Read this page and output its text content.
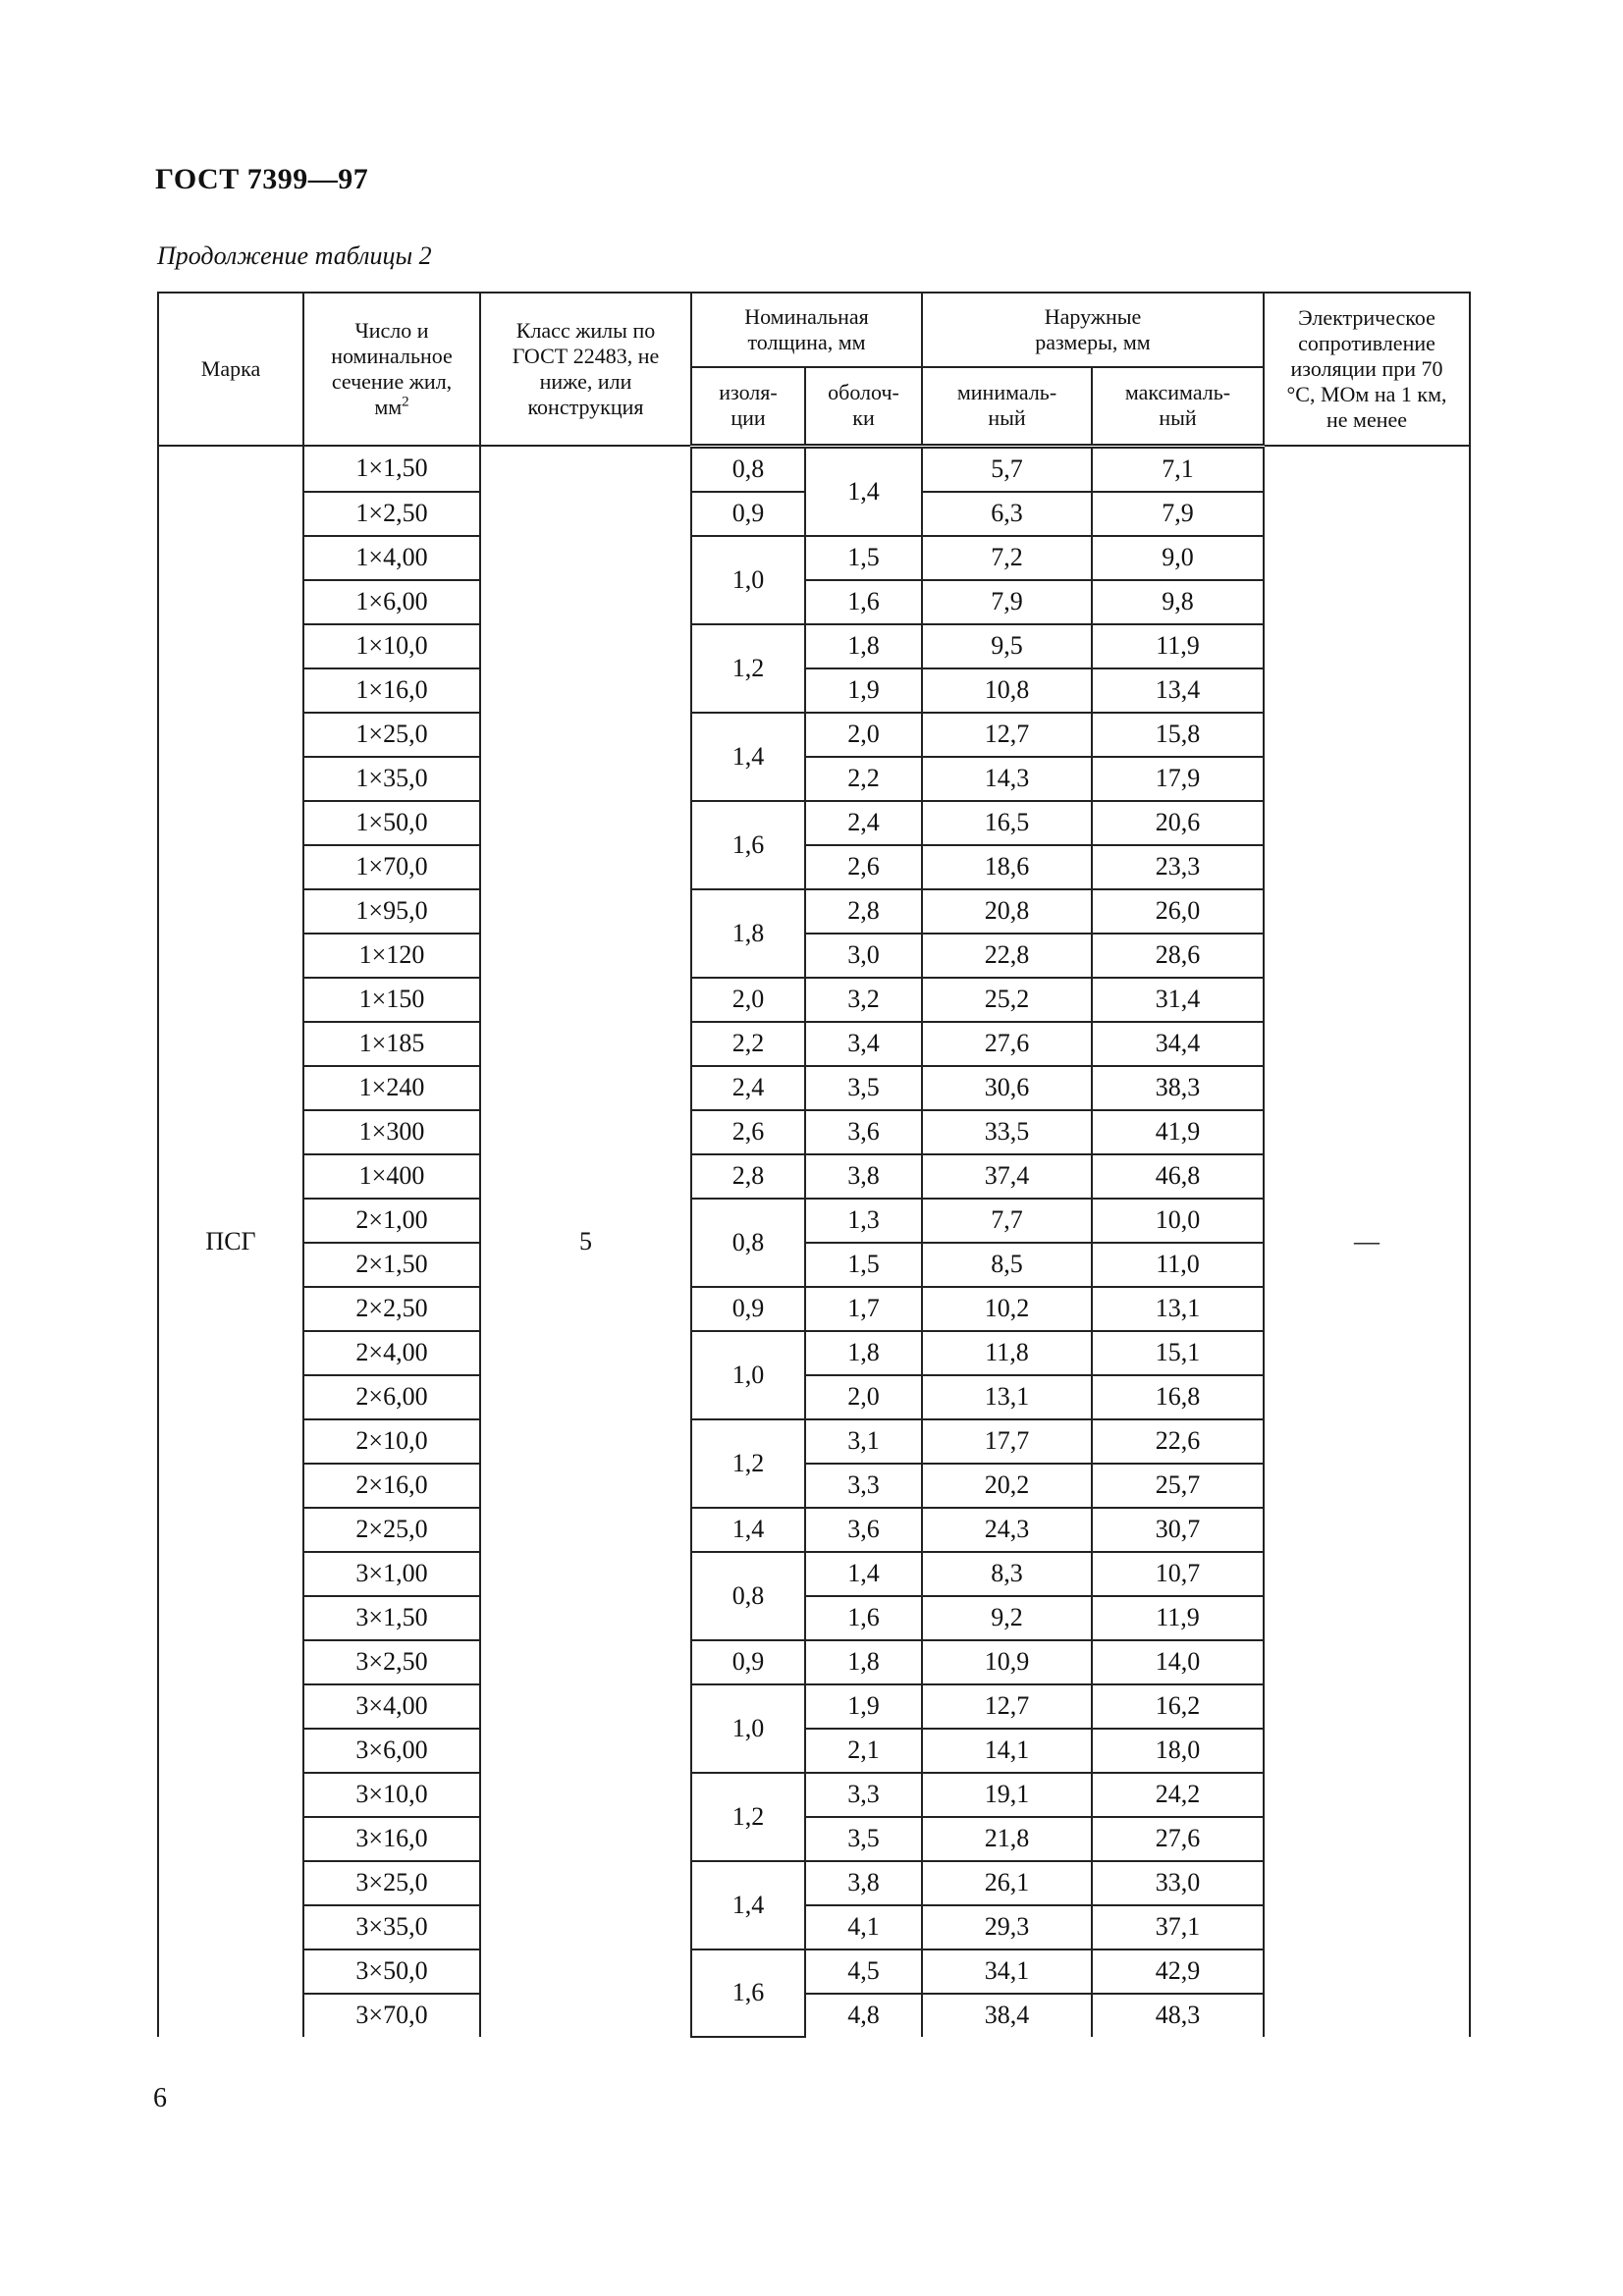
ГОСТ 7399—97
Продолжение таблицы 2
Марка	Число и номинальное сечение жил, $мм^2$	Класс жилы по ГОСТ 22483, не ниже, или конструкция	Номинальная толщина, мм		Наружные размеры, мм		Электрическое сопротивление изоляции при 70 °С, МОм на 1 км, не менее
			изоля-ции	оболоч-ки	минималь-ный	максималь-ный	
ПСГ	1×1,50	5	0,8	1,4	5,7	7,1	—
	1×2,50		0,9		6,3	7,9	
	1×4,00		1,0	1,5	7,2	9,0	
	1×6,00			1,6	7,9	9,8	
	1×10,0		1,2	1,8	9,5	11,9	
	1×16,0			1,9	10,8	13,4	
	1×25,0		1,4	2,0	12,7	15,8	
	1×35,0			2,2	14,3	17,9	
	1×50,0		1,6	2,4	16,5	20,6	
	1×70,0			2,6	18,6	23,3	
	1×95,0		1,8	2,8	20,8	26,0	
	1×120			3,0	22,8	28,6	
	1×150		2,0	3,2	25,2	31,4	
	1×185		2,2	3,4	27,6	34,4	
	1×240		2,4	3,5	30,6	38,3	
	1×300		2,6	3,6	33,5	41,9	
	1×400		2,8	3,8	37,4	46,8	
	2×1,00		0,8	1,3	7,7	10,0	
	2×1,50			1,5	8,5	11,0	
	2×2,50		0,9	1,7	10,2	13,1	
	2×4,00		1,0	1,8	11,8	15,1	
	2×6,00			2,0	13,1	16,8	
	2×10,0		1,2	3,1	17,7	22,6	
	2×16,0			3,3	20,2	25,7	
	2×25,0		1,4	3,6	24,3	30,7	
	3×1,00		0,8	1,4	8,3	10,7	
	3×1,50			1,6	9,2	11,9	
	3×2,50		0,9	1,8	10,9	14,0	
	3×4,00		1,0	1,9	12,7	16,2	
	3×6,00			2,1	14,1	18,0	
	3×10,0		1,2	3,3	19,1	24,2	
	3×16,0			3,5	21,8	27,6	
	3×25,0		1,4	3,8	26,1	33,0	
	3×35,0			4,1	29,3	37,1	
	3×50,0		1,6	4,5	34,1	42,9	
	3×70,0			4,8	38,4	48,3	
6
